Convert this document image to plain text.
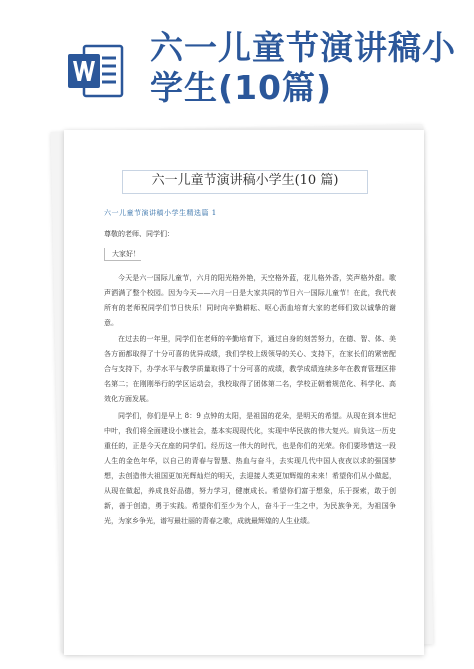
六一儿童节演讲稿小学生(10篇)
六一儿童节演讲稿小学生(10 篇)
六一儿童节演讲稿小学生精选篇 1
尊敬的老师、同学们：
大家好！
今天是六一国际儿童节，六月的阳光格外艳，天空格外蓝，花儿格外香，笑声格外甜。歌声洒满了整个校园。因为今天——六月一日是大家共同的节日六一国际儿童节！在此，我代表所有的老师祝同学们节日快乐！同时向辛勤耕耘、呕心沥血培育大家的老师们致以诚挚的谢意。
在过去的一年里，同学们在老师的辛勤培育下，通过自身的刻苦努力，在德、智、体、美各方面都取得了十分可喜的优异成绩，我们学校上级领导的关心、支持下，在家长们的紧密配合与支持下，办学水平与教学质量取得了十分可喜的成绩，教学成绩连续多年在教育管理区排名第二；在刚刚举行的学区运动会，我校取得了团体第二名，学校正朝着规范化、科学化、高效化方面发展。
同学们，你们是早上 8：9 点钟的太阳，是祖国的花朵，是明天的希望。从现在到本世纪中叶，我们将全面建设小康社会，基本实现现代化，实现中华民族的伟大复兴。肩负这一历史重任的，正是今天在座的同学们。经历这一伟大的时代，也是你们的光荣。你们要珍惜这一段人生的金色年华，以自己的青春与智慧、热血与奋斗，去实现几代中国人夜夜以求的强国梦想，去创造伟大祖国更加光辉灿烂的明天，去迎接人类更加辉煌的未来！希望你们从小做起，从现在做起，养成良好品德，努力学习，健康成长。希望你们富于想象，乐于探索，敢于创新，善于创造，勇于实践。希望你们至少为个人，奋斗于一生之中，为民族争光，为祖国争光，为家乡争光，谱写最壮丽的青春之歌，成就最辉煌的人生业绩。
